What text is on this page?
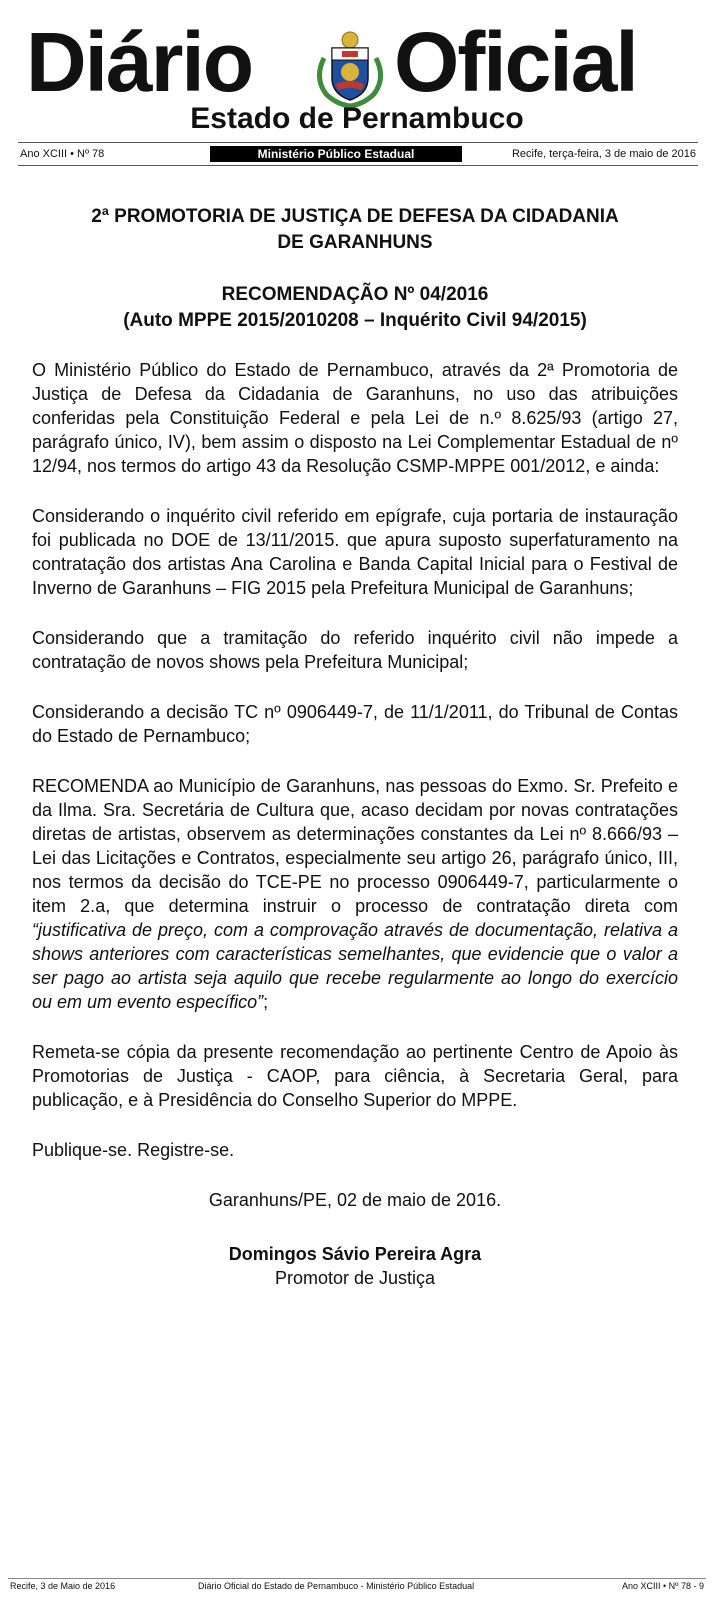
Diário Oficial
Estado de Pernambuco
Ano XCIII • Nº 78	Ministério Público Estadual	Recife, terça-feira, 3 de maio de 2016
2ª PROMOTORIA DE JUSTIÇA DE DEFESA DA CIDADANIA
DE GARANHUNS
RECOMENDAÇÃO Nº 04/2016
(Auto MPPE 2015/2010208 – Inquérito Civil 94/2015)

O Ministério Público do Estado de Pernambuco, através da 2ª Promotoria de Justiça de Defesa da Cidadania de Garanhuns, no uso das atribuições conferidas pela Constituição Federal e pela Lei de n.º 8.625/93 (artigo 27, parágrafo único, IV), bem assim o disposto na Lei Complementar Estadual de nº 12/94, nos termos do artigo 43 da Resolução CSMP-MPPE 001/2012, e ainda:

Considerando o inquérito civil referido em epígrafe, cuja portaria de instauração foi publicada no DOE de 13/11/2015. que apura suposto superfaturamento na contratação dos artistas Ana Carolina e Banda Capital Inicial para o Festival de Inverno de Garanhuns – FIG 2015 pela Prefeitura Municipal de Garanhuns;

Considerando que a tramitação do referido inquérito civil não impede a contratação de novos shows pela Prefeitura Municipal;

Considerando a decisão TC nº 0906449-7, de 11/1/2011, do Tribunal de Contas do Estado de Pernambuco;

RECOMENDA ao Município de Garanhuns, nas pessoas do Exmo. Sr. Prefeito e da Ilma. Sra. Secretária de Cultura que, acaso decidam por novas contratações diretas de artistas, observem as determinações constantes da Lei nº 8.666/93 – Lei das Licitações e Contratos, especialmente seu artigo 26, parágrafo único, III, nos termos da decisão do TCE-PE no processo 0906449-7, particularmente o item 2.a, que determina instruir o processo de contratação direta com “justificativa de preço, com a comprovação através de documentação, relativa a shows anteriores com características semelhantes, que evidencie que o valor a ser pago ao artista seja aquilo que recebe regularmente ao longo do exercício ou em um evento específico”;

Remeta-se cópia da presente recomendação ao pertinente Centro de Apoio às Promotorias de Justiça - CAOP, para ciência, à Secretaria Geral, para publicação, e à Presidência do Conselho Superior do MPPE.

Publique-se. Registre-se.

Garanhuns/PE, 02 de maio de 2016.

Domingos Sávio Pereira Agra
Promotor de Justiça
Recife, 3 de Maio de 2016	Diário Oficial do Estado de Pernambuco - Ministério Público Estadual	Ano XCIII • Nº 78 - 9
